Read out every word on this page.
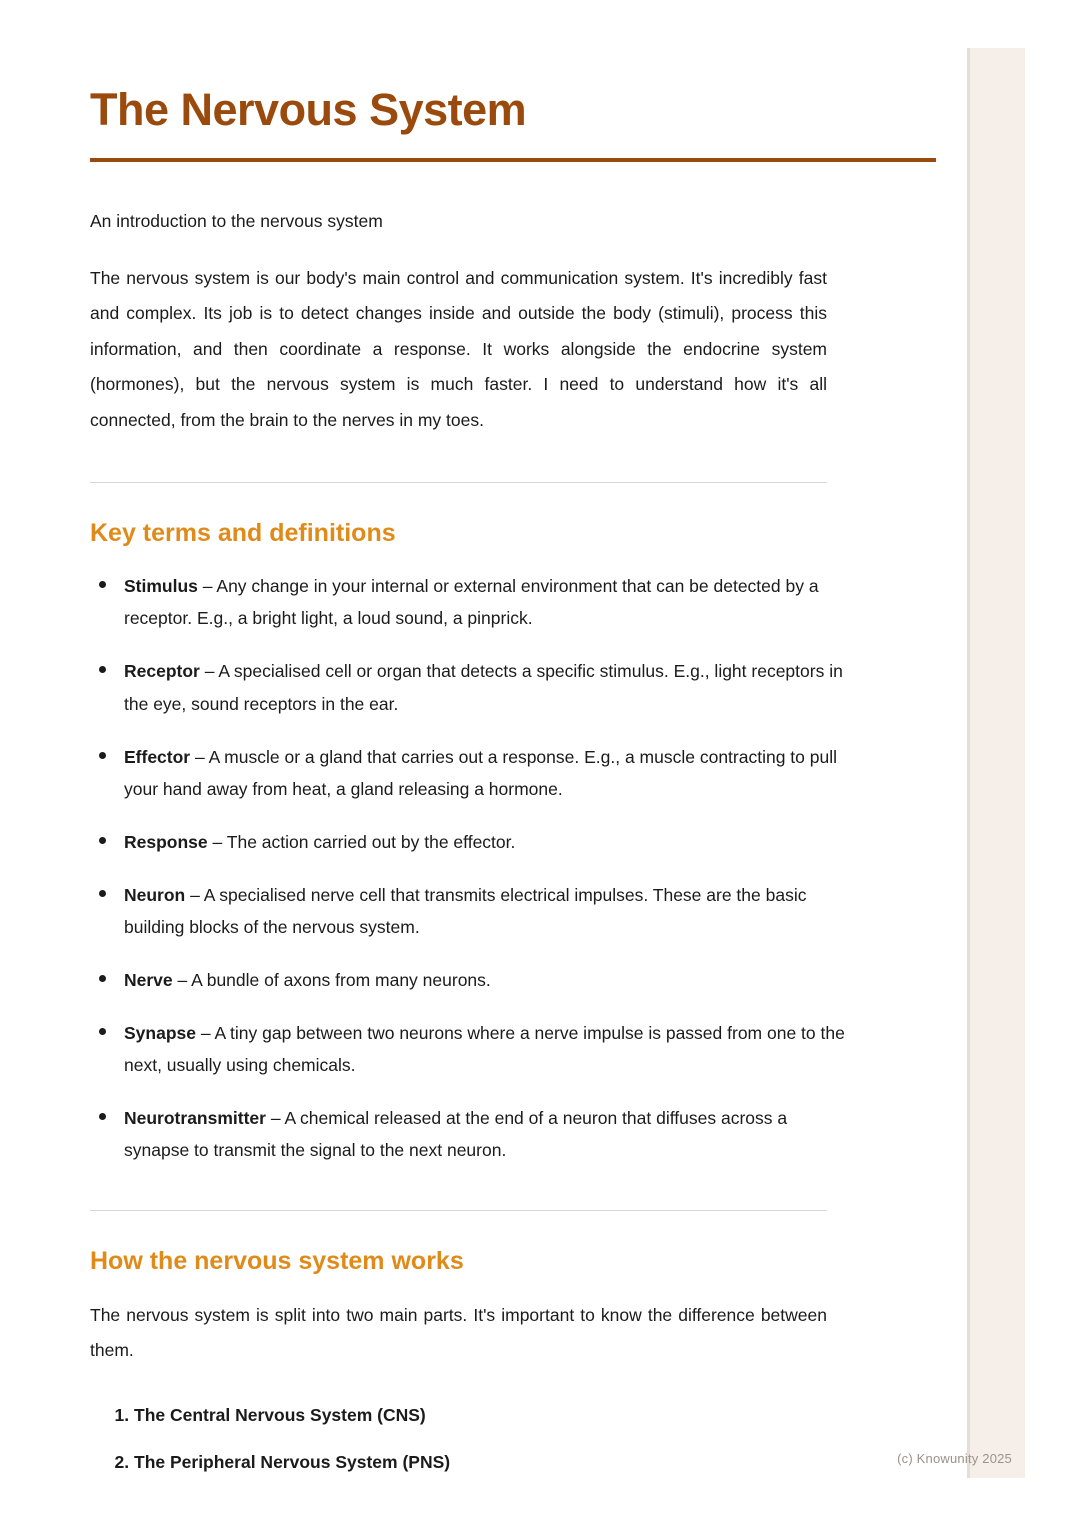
The Nervous System

An introduction to the nervous system

The nervous system is our body's main control and communication system. It's incredibly fast and complex. Its job is to detect changes inside and outside the body (stimuli), process this information, and then coordinate a response. It works alongside the endocrine system (hormones), but the nervous system is much faster. I need to understand how it's all connected, from the brain to the nerves in my toes.

Key terms and definitions
Stimulus – Any change in your internal or external environment that can be detected by a receptor. E.g., a bright light, a loud sound, a pinprick.
Receptor – A specialised cell or organ that detects a specific stimulus. E.g., light receptors in the eye, sound receptors in the ear.
Effector – A muscle or a gland that carries out a response. E.g., a muscle contracting to pull your hand away from heat, a gland releasing a hormone.
Response – The action carried out by the effector.
Neuron – A specialised nerve cell that transmits electrical impulses. These are the basic building blocks of the nervous system.
Nerve – A bundle of axons from many neurons.
Synapse – A tiny gap between two neurons where a nerve impulse is passed from one to the next, usually using chemicals.
Neurotransmitter – A chemical released at the end of a neuron that diffuses across a synapse to transmit the signal to the next neuron.
How the nervous system works

The nervous system is split into two main parts. It's important to know the difference between them.

1. The Central Nervous System (CNS)
2. The Peripheral Nervous System (PNS)	(c) Knowunity 2025
